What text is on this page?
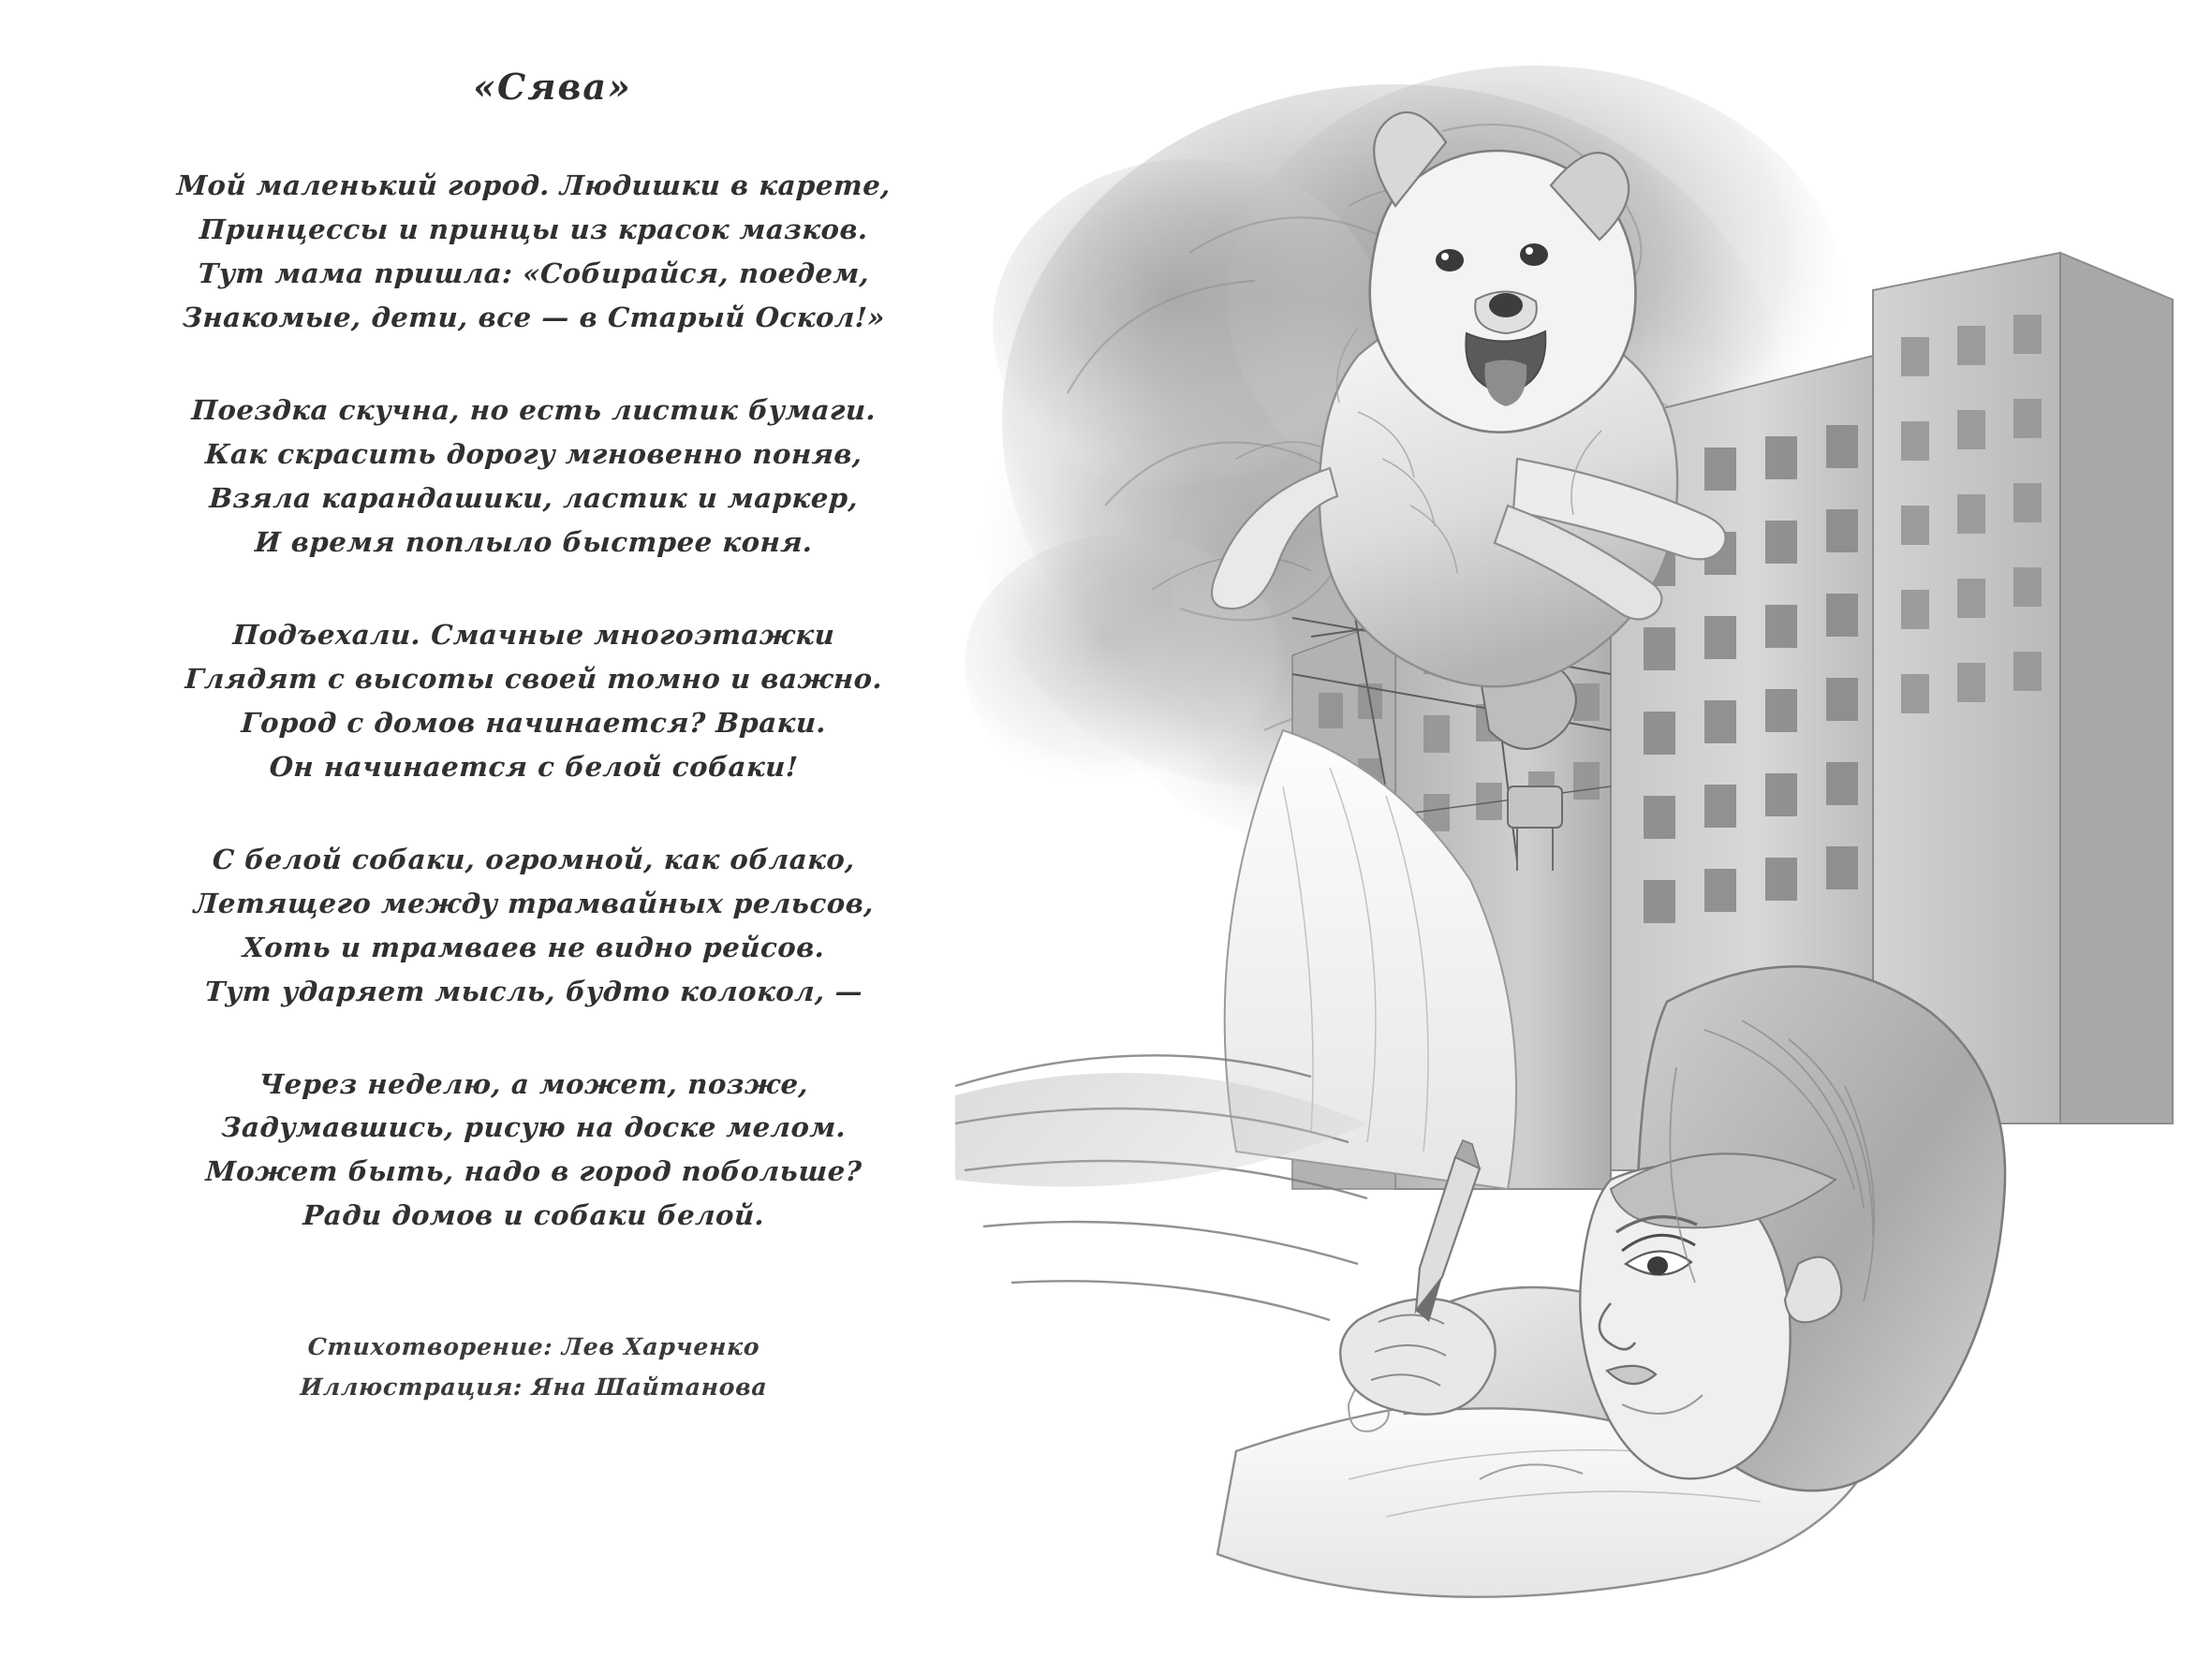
«Сява»
Мой маленький город. Людишки в карете,
Принцессы и принцы из красок мазков.
Тут мама пришла: «Собирайся, поедем,
Знакомые, дети, все — в Старый Оскол!»
Поездка скучна, но есть листик бумаги.
Как скрасить дорогу мгновенно поняв,
Взяла карандашики, ластик и маркер,
И время поплыло быстрее коня.
Подъехали. Смачные многоэтажки
Глядят с высоты своей томно и важно.
Город с домов начинается? Враки.
Он начинается с белой собаки!
С белой собаки, огромной, как облако,
Летящего между трамвайных рельсов,
Хоть и трамваев не видно рейсов.
Тут ударяет мысль, будто колокол, —
Через неделю, а может, позже,
Задумавшись, рисую на доске мелом.
Может быть, надо в город побольше?
Ради домов и собаки белой.
Стихотворение: Лев Харченко
Иллюстрация: Яна Шайтанова
